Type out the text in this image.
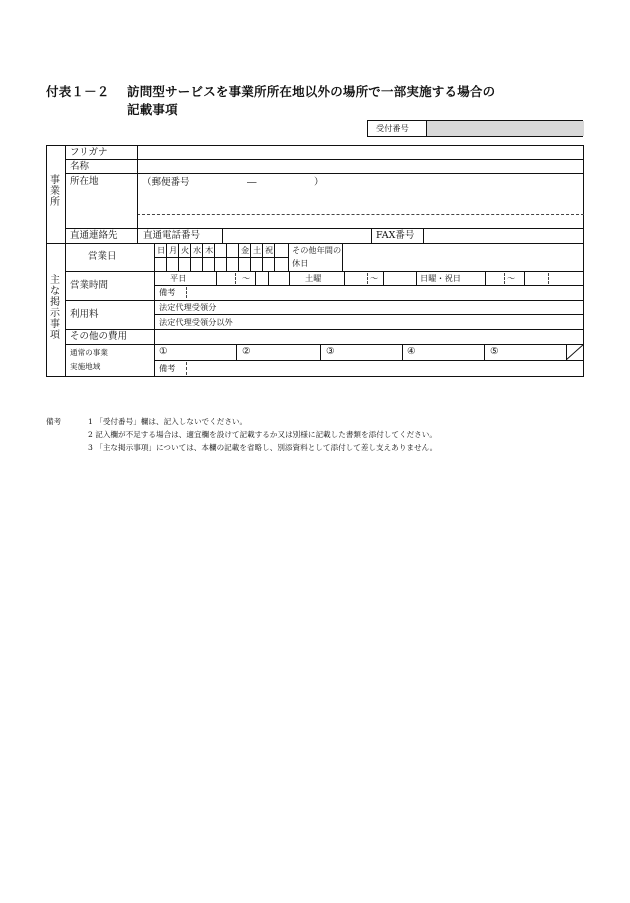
付表１－２ 訪問型サービスを事業所所在地以外の場所で一部実施する場合の
記載事項
受付番号
事業所
フリガナ
名称
所在地	（郵便番号	―	）
直通連絡先	直通電話番号	FAX番号
主な掲示事項
営業日
日 月 火 水 木	金 土 祝 その他年間の
休日
営業時間
平日	～	土曜	～	日曜・祝日	～
備考
利用料
法定代理受領分
法定代理受領分以外
その他の費用
通常の事業
実施地域
①	②	③	④	⑤
備考
備考	1 「受付番号」欄は、記入しないでください。
2 記入欄が不足する場合は、適宜欄を設けて記載するか又は別様に記載した書類を添付してください。
3 「主な掲示事項」については、本欄の記載を省略し、別添資料として添付して差し支えありません。
